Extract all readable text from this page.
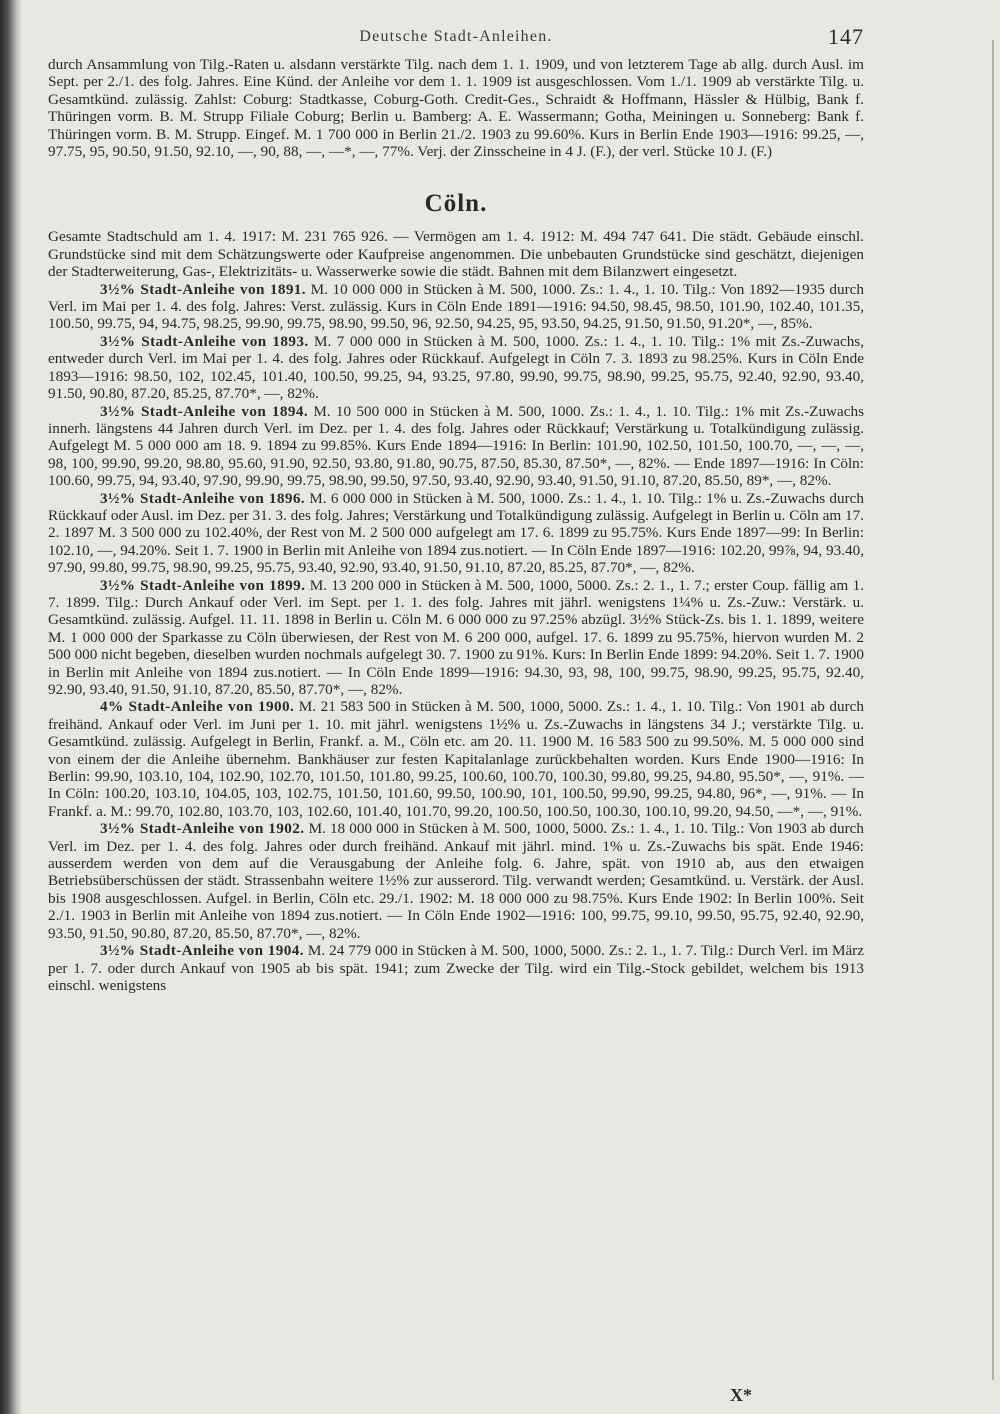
Deutsche Stadt-Anleihen.	147

durch Ansammlung von Tilg.-Raten u. alsdann verstärkte Tilg. nach dem 1. 1. 1909, und von letzterem Tage ab allg. durch Ausl. im Sept. per 2./1. des folg. Jahres. Eine Künd. der Anleihe vor dem 1. 1. 1909 ist ausgeschlossen. Vom 1./1. 1909 ab verstärkte Tilg. u. Gesamtkünd. zulässig. Zahlst: Coburg: Stadtkasse, Coburg-Goth. Credit-Ges., Schraidt & Hoffmann, Hässler & Hülbig, Bank f. Thüringen vorm. B. M. Strupp Filiale Coburg; Berlin u. Bamberg: A. E. Wassermann; Gotha, Meiningen u. Sonneberg: Bank f. Thüringen vorm. B. M. Strupp. Eingef. M. 1 700 000 in Berlin 21./2. 1903 zu 99.60%. Kurs in Berlin Ende 1903—1916: 99.25, —, 97.75, 95, 90.50, 91.50, 92.10, —, 90, 88, —, —*, —, 77%. Verj. der Zinsscheine in 4 J. (F.), der verl. Stücke 10 J. (F.)

Cöln.

Gesamte Stadtschuld am 1. 4. 1917: M. 231 765 926. — Vermögen am 1. 4. 1912: M. 494 747 641. Die städt. Gebäude einschl. Grundstücke sind mit dem Schätzungswerte oder Kaufpreise angenommen. Die unbebauten Grundstücke sind geschätzt, diejenigen der Stadterweiterung, Gas-, Elektrizitäts- u. Wasserwerke sowie die städt. Bahnen mit dem Bilanzwert eingesetzt.

3½% Stadt-Anleihe von 1891. M. 10 000 000 in Stücken à M. 500, 1000. Zs.: 1. 4., 1. 10. Tilg.: Von 1892—1935 durch Verl. im Mai per 1. 4. des folg. Jahres: Verst. zulässig. Kurs in Cöln Ende 1891—1916: 94.50, 98.45, 98.50, 101.90, 102.40, 101.35, 100.50, 99.75, 94, 94.75, 98.25, 99.90, 99.75, 98.90, 99.50, 96, 92.50, 94.25, 95, 93.50, 94.25, 91.50, 91.50, 91.20*, —, 85%.

3½% Stadt-Anleihe von 1893. M. 7 000 000 in Stücken à M. 500, 1000. Zs.: 1. 4., 1. 10. Tilg.: 1% mit Zs.-Zuwachs, entweder durch Verl. im Mai per 1. 4. des folg. Jahres oder Rückkauf. Aufgelegt in Cöln 7. 3. 1893 zu 98.25%. Kurs in Cöln Ende 1893—1916: 98.50, 102, 102.45, 101.40, 100.50, 99.25, 94, 93.25, 97.80, 99.90, 99.75, 98.90, 99.25, 95.75, 92.40, 92.90, 93.40, 91.50, 90.80, 87.20, 85.25, 87.70*, —, 82%.

3½% Stadt-Anleihe von 1894. M. 10 500 000 in Stücken à M. 500, 1000. Zs.: 1. 4., 1. 10. Tilg.: 1% mit Zs.-Zuwachs innerh. längstens 44 Jahren durch Verl. im Dez. per 1. 4. des folg. Jahres oder Rückkauf; Verstärkung u. Totalkündigung zulässig. Aufgelegt M. 5 000 000 am 18. 9. 1894 zu 99.85%. Kurs Ende 1894—1916: In Berlin: 101.90, 102.50, 101.50, 100.70, —, —, —, 98, 100, 99.90, 99.20, 98.80, 95.60, 91.90, 92.50, 93.80, 91.80, 90.75, 87.50, 85.30, 87.50*, —, 82%. — Ende 1897—1916: In Cöln: 100.60, 99.75, 94, 93.40, 97.90, 99.90, 99.75, 98.90, 99.50, 97.50, 93.40, 92.90, 93.40, 91.50, 91.10, 87.20, 85.50, 89*, —, 82%.

3½% Stadt-Anleihe von 1896. M. 6 000 000 in Stücken à M. 500, 1000. Zs.: 1. 4., 1. 10. Tilg.: 1% u. Zs.-Zuwachs durch Rückkauf oder Ausl. im Dez. per 31. 3. des folg. Jahres; Verstärkung und Totalkündigung zulässig. Aufgelegt in Berlin u. Cöln am 17. 2. 1897 M. 3 500 000 zu 102.40%, der Rest von M. 2 500 000 aufgelegt am 17. 6. 1899 zu 95.75%. Kurs Ende 1897—99: In Berlin: 102.10, —, 94.20%. Seit 1. 7. 1900 in Berlin mit Anleihe von 1894 zus.notiert. — In Cöln Ende 1897—1916: 102.20, 99⅞, 94, 93.40, 97.90, 99.80, 99.75, 98.90, 99.25, 95.75, 93.40, 92.90, 93.40, 91.50, 91.10, 87.20, 85.25, 87.70*, —, 82%.

3½% Stadt-Anleihe von 1899. M. 13 200 000 in Stücken à M. 500, 1000, 5000. Zs.: 2. 1., 1. 7.; erster Coup. fällig am 1. 7. 1899. Tilg.: Durch Ankauf oder Verl. im Sept. per 1. 1. des folg. Jahres mit jährl. wenigstens 1¼% u. Zs.-Zuw.: Verstärk. u. Gesamtkünd. zulässig. Aufgel. 11. 11. 1898 in Berlin u. Cöln M. 6 000 000 zu 97.25% abzügl. 3½% Stück-Zs. bis 1. 1. 1899, weitere M. 1 000 000 der Sparkasse zu Cöln überwiesen, der Rest von M. 6 200 000, aufgel. 17. 6. 1899 zu 95.75%, hiervon wurden M. 2 500 000 nicht begeben, dieselben wurden nochmals aufgelegt 30. 7. 1900 zu 91%. Kurs: In Berlin Ende 1899: 94.20%. Seit 1. 7. 1900 in Berlin mit Anleihe von 1894 zus.notiert. — In Cöln Ende 1899—1916: 94.30, 93, 98, 100, 99.75, 98.90, 99.25, 95.75, 92.40, 92.90, 93.40, 91.50, 91.10, 87.20, 85.50, 87.70*, —, 82%.

4% Stadt-Anleihe von 1900. M. 21 583 500 in Stücken à M. 500, 1000, 5000. Zs.: 1. 4., 1. 10. Tilg.: Von 1901 ab durch freihänd. Ankauf oder Verl. im Juni per 1. 10. mit jährl. wenigstens 1½% u. Zs.-Zuwachs in längstens 34 J.; verstärkte Tilg. u. Gesamtkünd. zulässig. Aufgelegt in Berlin, Frankf. a. M., Cöln etc. am 20. 11. 1900 M. 16 583 500 zu 99.50%. M. 5 000 000 sind von einem der die Anleihe übernehm. Bankhäuser zur festen Kapitalanlage zurückbehalten worden. Kurs Ende 1900—1916: In Berlin: 99.90, 103.10, 104, 102.90, 102.70, 101.50, 101.80, 99.25, 100.60, 100.70, 100.30, 99.80, 99.25, 94.80, 95.50*, —, 91%. — In Cöln: 100.20, 103.10, 104.05, 103, 102.75, 101.50, 101.60, 99.50, 100.90, 101, 100.50, 99.90, 99.25, 94.80, 96*, —, 91%. — In Frankf. a. M.: 99.70, 102.80, 103.70, 103, 102.60, 101.40, 101.70, 99.20, 100.50, 100.50, 100.30, 100.10, 99.20, 94.50, —*, —, 91%.

3½% Stadt-Anleihe von 1902. M. 18 000 000 in Stücken à M. 500, 1000, 5000. Zs.: 1. 4., 1. 10. Tilg.: Von 1903 ab durch Verl. im Dez. per 1. 4. des folg. Jahres oder durch freihänd. Ankauf mit jährl. mind. 1% u. Zs.-Zuwachs bis spät. Ende 1946: ausserdem werden von dem auf die Verausgabung der Anleihe folg. 6. Jahre, spät. von 1910 ab, aus den etwaigen Betriebsüberschüssen der städt. Strassenbahn weitere 1½% zur ausserord. Tilg. verwandt werden; Gesamtkünd. u. Verstärk. der Ausl. bis 1908 ausgeschlossen. Aufgel. in Berlin, Cöln etc. 29./1. 1902: M. 18 000 000 zu 98.75%. Kurs Ende 1902: In Berlin 100%. Seit 2./1. 1903 in Berlin mit Anleihe von 1894 zus.notiert. — In Cöln Ende 1902—1916: 100, 99.75, 99.10, 99.50, 95.75, 92.40, 92.90, 93.50, 91.50, 90.80, 87.20, 85.50, 87.70*, —, 82%.

3½% Stadt-Anleihe von 1904. M. 24 779 000 in Stücken à M. 500, 1000, 5000. Zs.: 2. 1., 1. 7. Tilg.: Durch Verl. im März per 1. 7. oder durch Ankauf von 1905 ab bis spät. 1941; zum Zwecke der Tilg. wird ein Tilg.-Stock gebildet, welchem bis 1913 einschl. wenigstens

X*
